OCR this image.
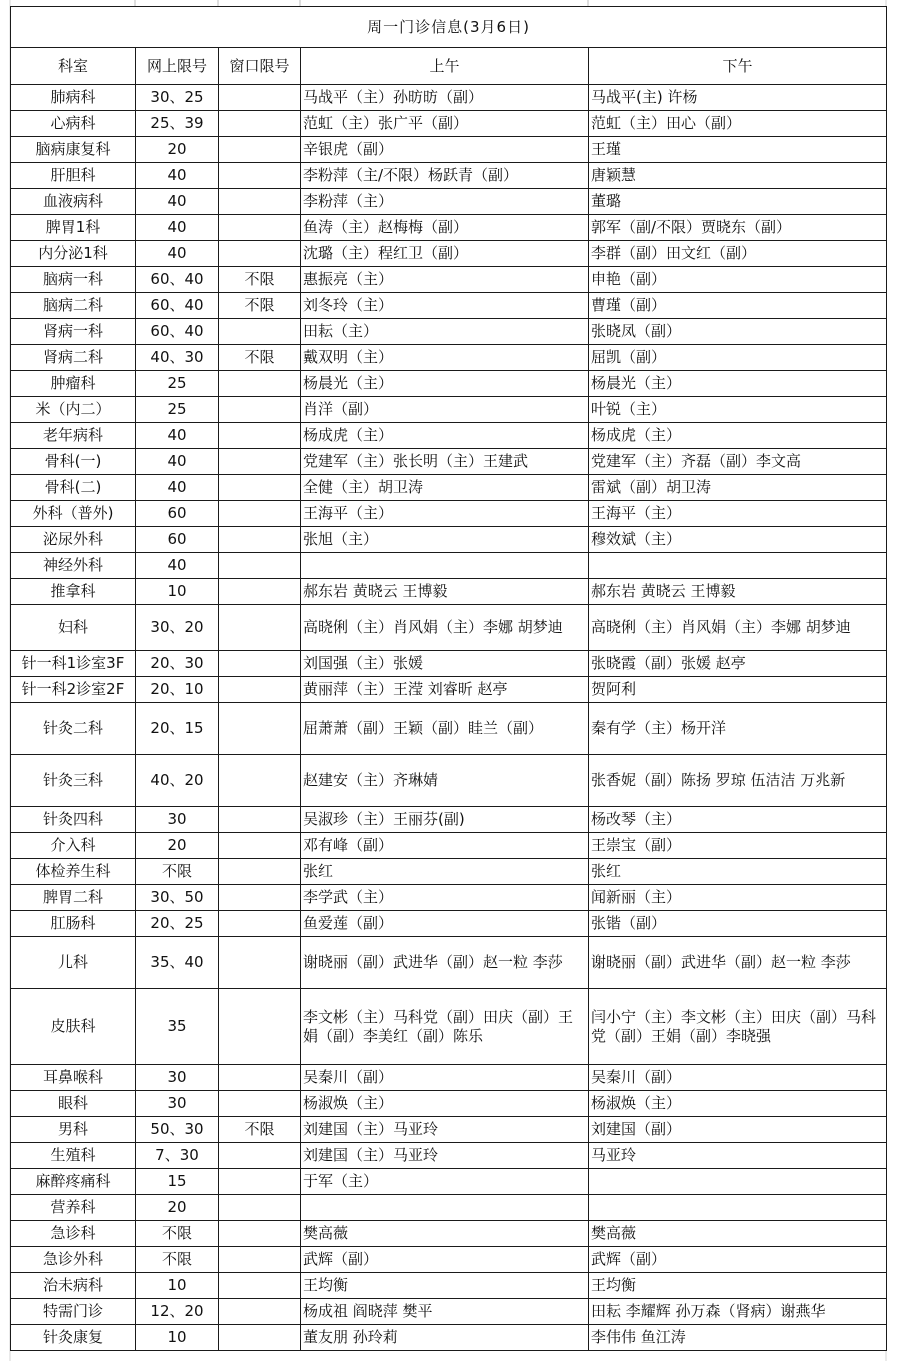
周一门诊信息(3月6日)				
科室	网上限号	窗口限号	上午	下午
肺病科	30、25		马战平（主）孙昉昉（副）	马战平(主) 许杨
心病科	25、39		范虹（主）张广平（副）	范虹（主）田心（副）
脑病康复科	20		辛银虎（副）	王瑾
肝胆科	40		李粉萍（主/不限）杨跃青（副）	唐颖慧
血液病科	40		李粉萍（主）	董璐
脾胃1科	40		鱼涛（主）赵梅梅（副）	郭军（副/不限）贾晓东（副）
内分泌1科	40		沈璐（主）程红卫（副）	李群（副）田文红（副）
脑病一科	60、40	不限	惠振亮（主）	申艳（副）
脑病二科	60、40	不限	刘冬玲（主）	曹瑾（副）
肾病一科	60、40		田耘（主）	张晓凤（副）
肾病二科	40、30	不限	戴双明（主）	屈凯（副）
肿瘤科	25		杨晨光（主）	杨晨光（主）
米（内二）	25		肖洋（副）	叶锐（主）
老年病科	40		杨成虎（主）	杨成虎（主）
骨科(一)	40		党建军（主）张长明（主）王建武	党建军（主）齐磊（副）李文高
骨科(二)	40		全健（主）胡卫涛	雷斌（副）胡卫涛
外科（普外)	60		王海平（主）	王海平（主）
泌尿外科	60		张旭（主）	穆效斌（主）
神经外科	40			
推拿科	10		郝东岩 黄晓云 王博毅	郝东岩 黄晓云 王博毅
妇科	30、20		高晓俐（主）肖风娟（主）李娜 胡梦迪	高晓俐（主）肖风娟（主）李娜 胡梦迪
针一科1诊室3F	20、30		刘国强（主）张媛	张晓霞（副）张媛 赵亭
针一科2诊室2F	20、10		黄丽萍（主）王滢 刘睿昕 赵亭	贺阿利
针灸二科	20、15		屈萧萧（副）王颖（副）眭兰（副）	秦有学（主）杨开洋
针灸三科	40、20		赵建安（主）齐琳婧	张香妮（副）陈扬 罗琼 伍洁洁 万兆新
针灸四科	30		吴淑珍（主）王丽芬(副)	杨改琴（主）
介入科	20		邓有峰（副）	王崇宝（副）
体检养生科	不限		张红	张红
脾胃二科	30、50		李学武（主）	闻新丽（主）
肛肠科	20、25		鱼爱莲（副）	张锴（副）
儿科	35、40		谢晓丽（副）武进华（副）赵一粒 李莎	谢晓丽（副）武进华（副）赵一粒 李莎
皮肤科	35		李文彬（主）马科党（副）田庆（副）王娟（副）李美红（副）陈乐	闫小宁（主）李文彬（主）田庆（副）马科党（副）王娟（副）李晓强
耳鼻喉科	30		吴秦川（副）	吴秦川（副）
眼科	30		杨淑焕（主）	杨淑焕（主）
男科	50、30	不限	刘建国（主）马亚玲	刘建国（副）
生殖科	7、30		刘建国（主）马亚玲	马亚玲
麻醉疼痛科	15		于军（主）	
营养科	20			
急诊科	不限		樊高薇	樊高薇
急诊外科	不限		武辉（副）	武辉（副）
治未病科	10		王均衡	王均衡
特需门诊	12、20		杨成祖 阎晓萍 樊平	田耘 李耀辉 孙万森（肾病）谢燕华
针灸康复	10		董友朋 孙玲莉	李伟伟 鱼江涛
